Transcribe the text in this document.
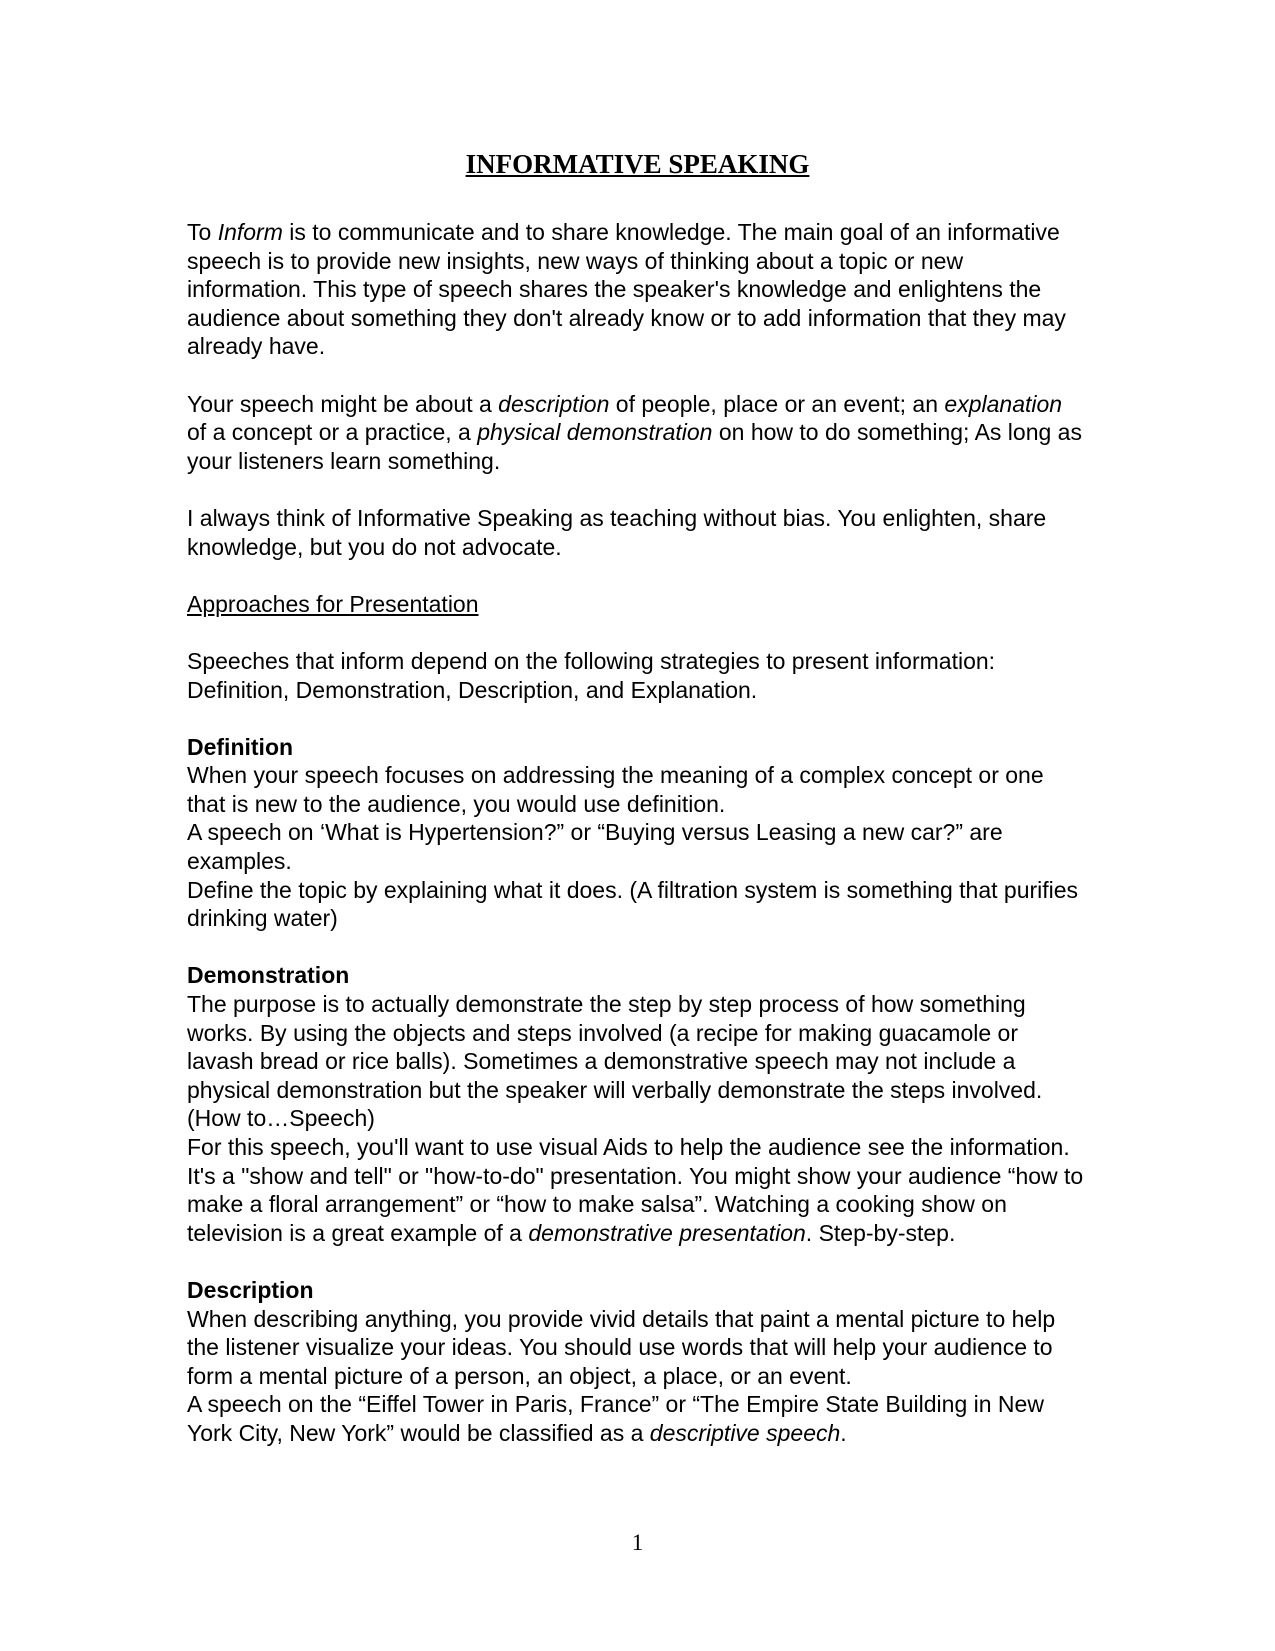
INFORMATIVE SPEAKING

To Inform is to communicate and to share knowledge. The main goal of an informative speech is to provide new insights, new ways of thinking about a topic or new information. This type of speech shares the speaker's knowledge and enlightens the audience about something they don't already know or to add information that they may already have.

Your speech might be about a description of people, place or an event; an explanation of a concept or a practice, a physical demonstration on how to do something; As long as your listeners learn something.

I always think of Informative Speaking as teaching without bias. You enlighten, share knowledge, but you do not advocate.

Approaches for Presentation

Speeches that inform depend on the following strategies to present information: Definition, Demonstration, Description, and Explanation.

Definition

When your speech focuses on addressing the meaning of a complex concept or one that is new to the audience, you would use definition.

A speech on ‘What is Hypertension?” or “Buying versus Leasing a new car?” are examples.

Define the topic by explaining what it does. (A filtration system is something that purifies drinking water)

Demonstration

The purpose is to actually demonstrate the step by step process of how something works. By using the objects and steps involved (a recipe for making guacamole or lavash bread or rice balls). Sometimes a demonstrative speech may not include a physical demonstration but the speaker will verbally demonstrate the steps involved. (How to…Speech)

For this speech, you'll want to use visual Aids to help the audience see the information. It's a "show and tell" or "how-to-do" presentation. You might show your audience “how to make a floral arrangement” or “how to make salsa”. Watching a cooking show on television is a great example of a demonstrative presentation. Step-by-step.

Description

When describing anything, you provide vivid details that paint a mental picture to help the listener visualize your ideas. You should use words that will help your audience to form a mental picture of a person, an object, a place, or an event.

A speech on the “Eiffel Tower in Paris, France” or “The Empire State Building in New York City, New York” would be classified as a descriptive speech.

1
